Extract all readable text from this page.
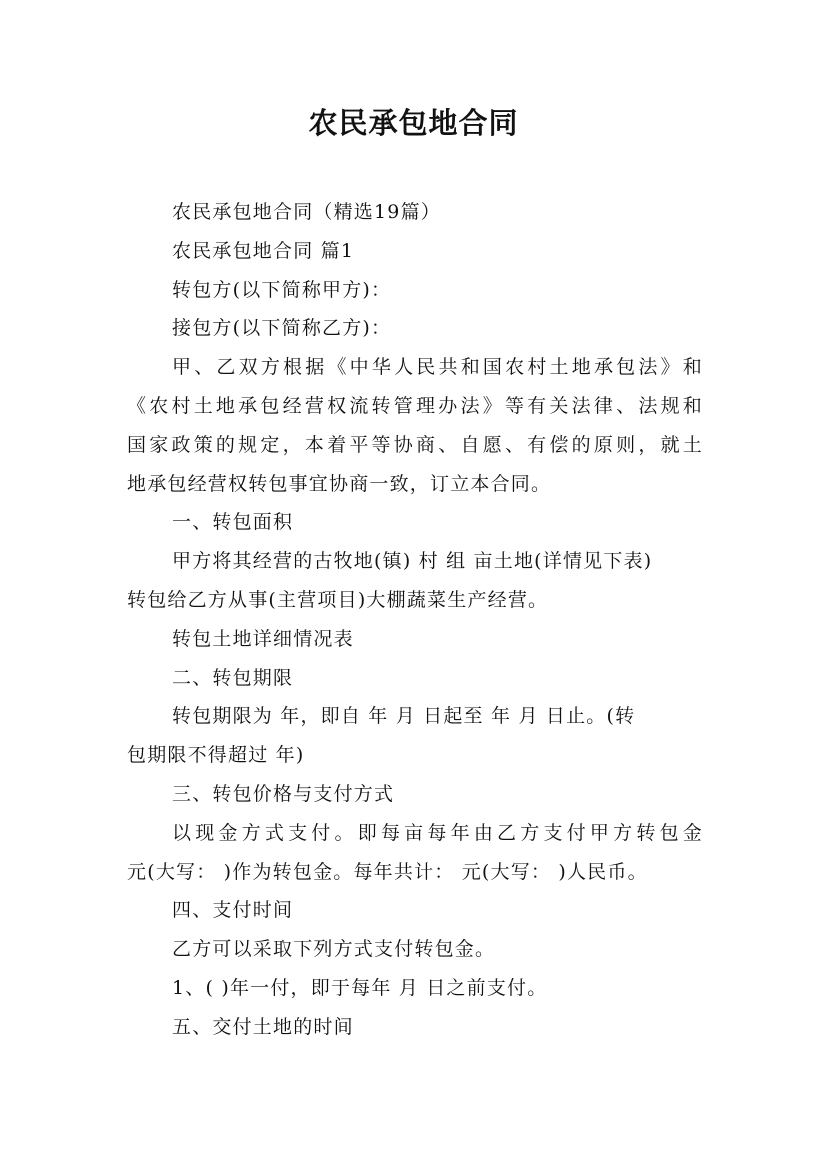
农民承包地合同
农民承包地合同（精选19篇）
农民承包地合同 篇1
转包方(以下简称甲方)：
接包方(以下简称乙方)：
甲、乙双方根据《中华人民共和国农村土地承包法》和
《农村土地承包经营权流转管理办法》等有关法律、法规和
国家政策的规定，本着平等协商、自愿、有偿的原则，就土
地承包经营权转包事宜协商一致，订立本合同。
一、转包面积
甲方将其经营的古牧地(镇) 村 组 亩土地(详情见下表)
转包给乙方从事(主营项目)大棚蔬菜生产经营。
转包土地详细情况表
二、转包期限
转包期限为 年，即自 年 月 日起至 年 月 日止。(转
包期限不得超过 年)
三、转包价格与支付方式
以现金方式支付。即每亩每年由乙方支付甲方转包金
元(大写： )作为转包金。每年共计： 元(大写： )人民币。
四、支付时间
乙方可以采取下列方式支付转包金。
1、( )年一付，即于每年 月 日之前支付。
五、交付土地的时间
